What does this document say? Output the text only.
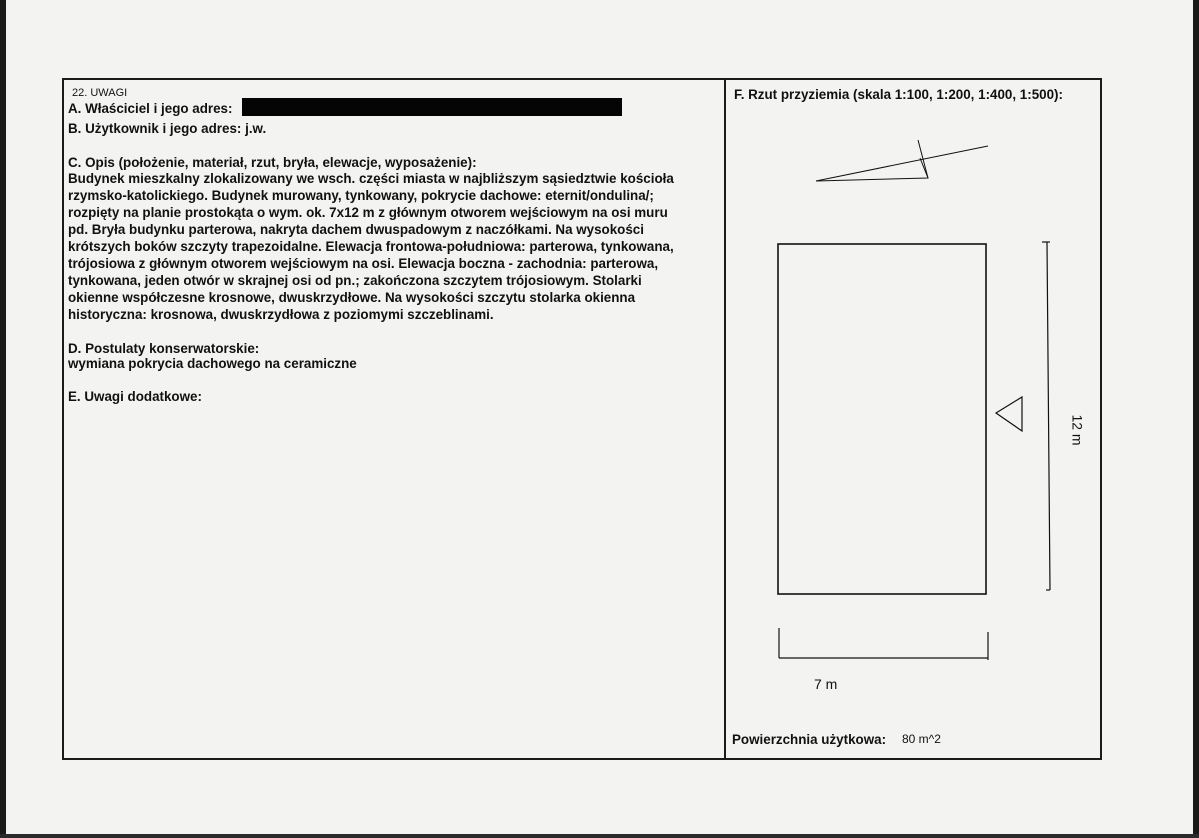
22. UWAGI
A. Właściciel i jego adres:
B. Użytkownik i jego adres: j.w.
C. Opis (położenie, materiał, rzut, bryła, elewacje, wyposażenie):
Budynek mieszkalny zlokalizowany we wsch. części miasta w najbliższym sąsiedztwie kościoła
rzymsko-katolickiego. Budynek murowany, tynkowany, pokrycie dachowe: eternit/ondulina/;
rozpięty na planie prostokąta o wym. ok. 7x12 m z głównym otworem wejściowym na osi muru
pd. Bryła budynku parterowa, nakryta dachem dwuspadowym z naczółkami. Na wysokości
krótszych boków szczyty trapezoidalne. Elewacja frontowa-południowa: parterowa, tynkowana,
trójosiowa z głównym otworem wejściowym na osi. Elewacja boczna - zachodnia: parterowa,
tynkowana, jeden otwór w skrajnej osi od pn.; zakończona szczytem trójosiowym. Stolarki
okienne współczesne krosnowe, dwuskrzydłowe. Na wysokości szczytu stolarka okienna
historyczna: krosnowa, dwuskrzydłowa z poziomymi szczeblinami.
D. Postulaty konserwatorskie:
wymiana pokrycia dachowego na ceramiczne
E. Uwagi dodatkowe:
F. Rzut przyziemia (skala 1:100, 1:200, 1:400, 1:500):
Powierzchnia użytkowa: 80 m^2
7 m
12 m
